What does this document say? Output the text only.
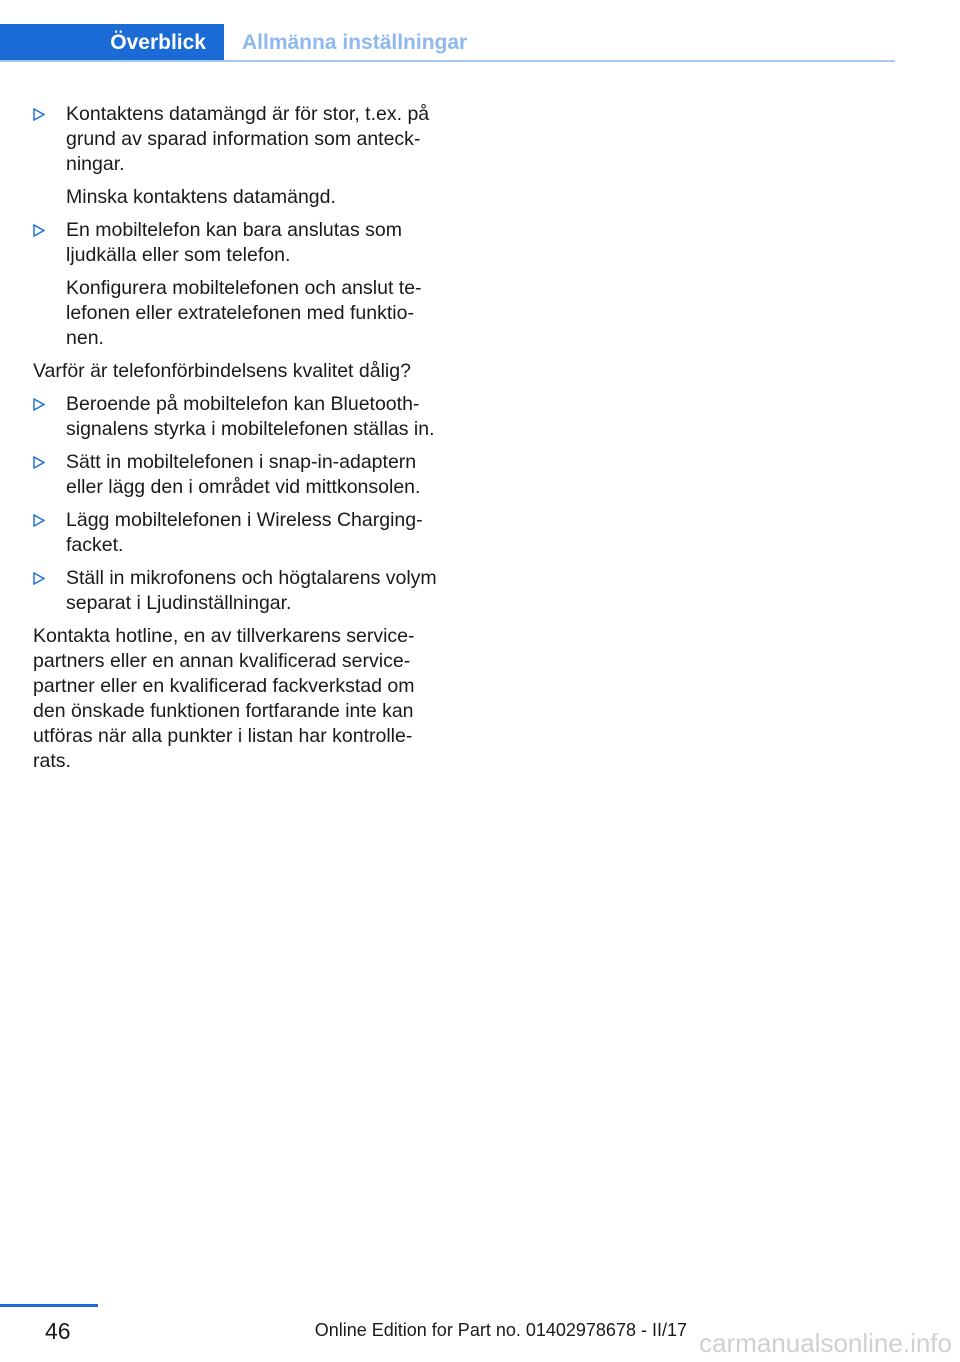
Överblick	Allmänna inställningar
Kontaktens datamängd är för stor, t.ex. på
grund av sparad information som anteck-
ningar.
Minska kontaktens datamängd.
En mobiltelefon kan bara anslutas som
ljudkälla eller som telefon.
Konfigurera mobiltelefonen och anslut te-
lefonen eller extratelefonen med funktio-
nen.
Varför är telefonförbindelsens kvalitet dålig?
Beroende på mobiltelefon kan Bluetooth-
signalens styrka i mobiltelefonen ställas in.
Sätt in mobiltelefonen i snap-in-adaptern
eller lägg den i området vid mittkonsolen.
Lägg mobiltelefonen i Wireless Charging-
facket.
Ställ in mikrofonens och högtalarens volym
separat i Ljudinställningar.
Kontakta hotline, en av tillverkarens service-
partners eller en annan kvalificerad service-
partner eller en kvalificerad fackverkstad om
den önskade funktionen fortfarande inte kan
utföras när alla punkter i listan har kontrolle-
rats.
46	Online Edition for Part no. 01402978678 - II/17 carmanualsonline.info
